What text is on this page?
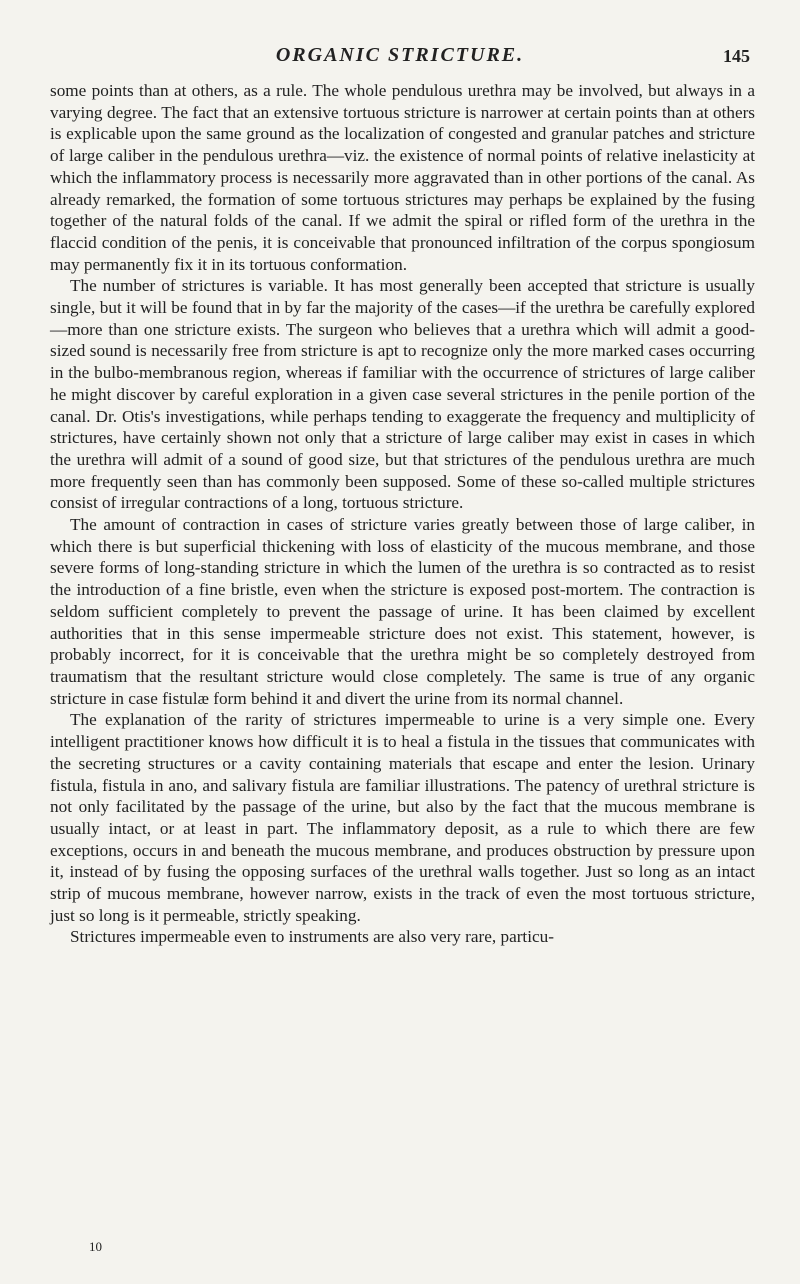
ORGANIC STRICTURE.	145

some points than at others, as a rule. The whole pendulous urethra may be involved, but always in a varying degree. The fact that an extensive tortuous stricture is narrower at certain points than at others is explicable upon the same ground as the localization of congested and granular patches and stricture of large caliber in the pendulous urethra—viz. the existence of normal points of relative inelasticity at which the inflammatory process is necessarily more aggravated than in other portions of the canal. As already remarked, the formation of some tortuous strictures may perhaps be explained by the fusing together of the natural folds of the canal. If we admit the spiral or rifled form of the urethra in the flaccid condition of the penis, it is conceivable that pronounced infiltration of the corpus spongiosum may permanently fix it in its tortuous conformation.

The number of strictures is variable. It has most generally been accepted that stricture is usually single, but it will be found that in by far the majority of the cases—if the urethra be carefully explored—more than one stricture exists. The surgeon who believes that a urethra which will admit a good-sized sound is necessarily free from stricture is apt to recognize only the more marked cases occurring in the bulbo-membranous region, whereas if familiar with the occurrence of strictures of large caliber he might discover by careful exploration in a given case several strictures in the penile portion of the canal. Dr. Otis's investigations, while perhaps tending to exaggerate the frequency and multiplicity of strictures, have certainly shown not only that a stricture of large caliber may exist in cases in which the urethra will admit of a sound of good size, but that strictures of the pendulous urethra are much more frequently seen than has commonly been supposed. Some of these so-called multiple strictures consist of irregular contractions of a long, tortuous stricture.

The amount of contraction in cases of stricture varies greatly between those of large caliber, in which there is but superficial thickening with loss of elasticity of the mucous membrane, and those severe forms of long-standing stricture in which the lumen of the urethra is so contracted as to resist the introduction of a fine bristle, even when the stricture is exposed post-mortem. The contraction is seldom sufficient completely to prevent the passage of urine. It has been claimed by excellent authorities that in this sense impermeable stricture does not exist. This statement, however, is probably incorrect, for it is conceivable that the urethra might be so completely destroyed from traumatism that the resultant stricture would close completely. The same is true of any organic stricture in case fistulæ form behind it and divert the urine from its normal channel.

The explanation of the rarity of strictures impermeable to urine is a very simple one. Every intelligent practitioner knows how difficult it is to heal a fistula in the tissues that communicates with the secreting structures or a cavity containing materials that escape and enter the lesion. Urinary fistula, fistula in ano, and salivary fistula are familiar illustrations. The patency of urethral stricture is not only facilitated by the passage of the urine, but also by the fact that the mucous membrane is usually intact, or at least in part. The inflammatory deposit, as a rule to which there are few exceptions, occurs in and beneath the mucous membrane, and produces obstruction by pressure upon it, instead of by fusing the opposing surfaces of the urethral walls together. Just so long as an intact strip of mucous membrane, however narrow, exists in the track of even the most tortuous stricture, just so long is it permeable, strictly speaking.

Strictures impermeable even to instruments are also very rare, particu-

10
